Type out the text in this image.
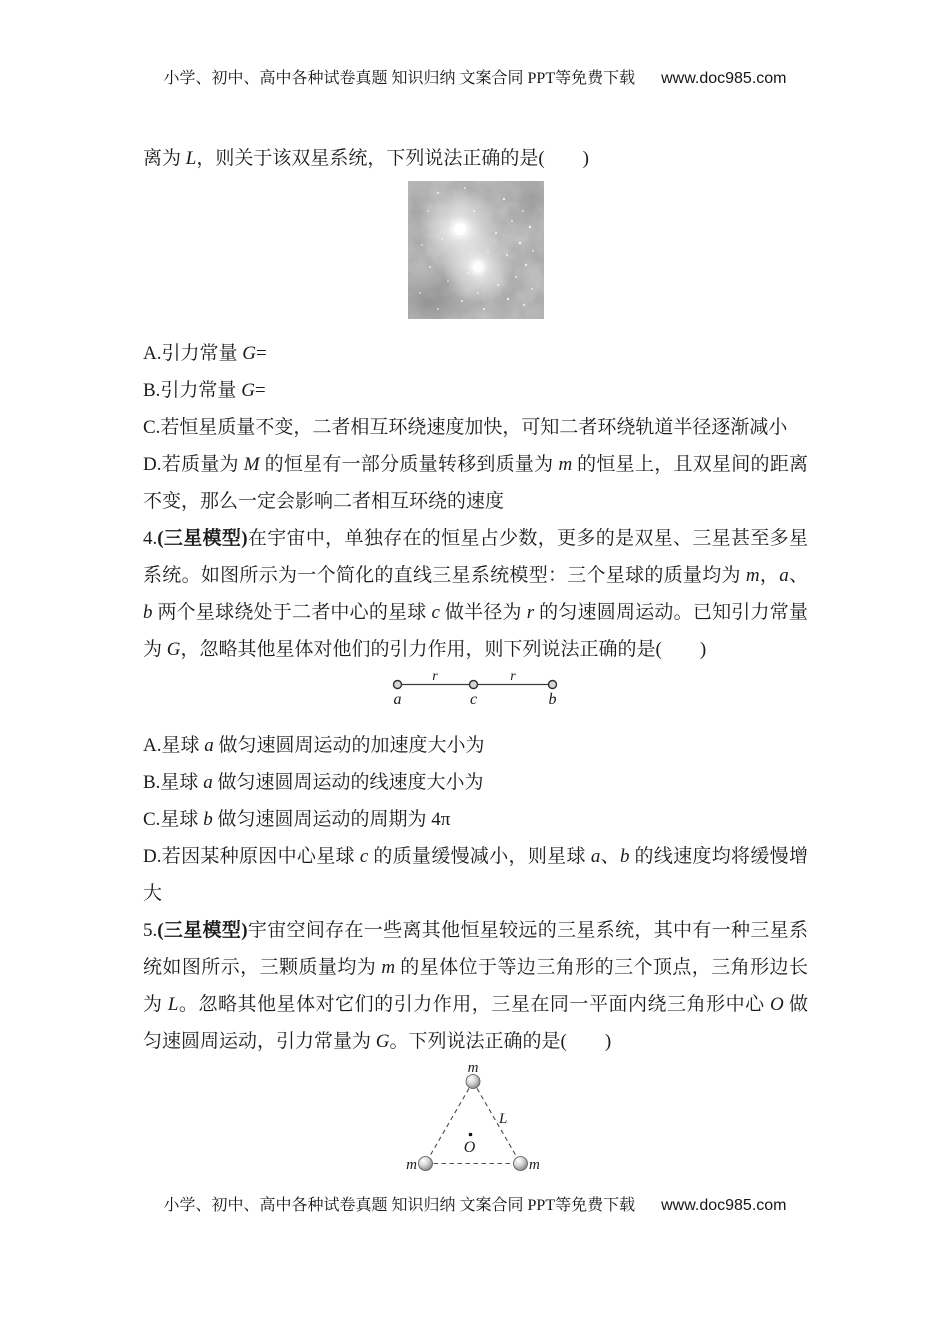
小学、初中、高中各种试卷真题 知识归纳 文案合同 PPT等免费下载 www.doc985.com
离为 L，则关于该双星系统，下列说法正确的是(　　)
A.引力常量 G=
B.引力常量 G=
C.若恒星质量不变，二者相互环绕速度加快，可知二者环绕轨道半径逐渐减小
D.若质量为 M 的恒星有一部分质量转移到质量为 m 的恒星上，且双星间的距离
不变，那么一定会影响二者相互环绕的速度
4.(三星模型)在宇宙中，单独存在的恒星占少数，更多的是双星、三星甚至多星
系统。如图所示为一个简化的直线三星系统模型：三个星球的质量均为 m，a、
b 两个星球绕处于二者中心的星球 c 做半径为 r 的匀速圆周运动。已知引力常量
为 G，忽略其他星体对他们的引力作用，则下列说法正确的是(　　)
r	r
a	c	b
A.星球 a 做匀速圆周运动的加速度大小为
B.星球 a 做匀速圆周运动的线速度大小为
C.星球 b 做匀速圆周运动的周期为 4π
D.若因某种原因中心星球 c 的质量缓慢减小，则星球 a、b 的线速度均将缓慢增
大
5.(三星模型)宇宙空间存在一些离其他恒星较远的三星系统，其中有一种三星系
统如图所示，三颗质量均为 m 的星体位于等边三角形的三个顶点，三角形边长
为 L。忽略其他星体对它们的引力作用，三星在同一平面内绕三角形中心 O 做
匀速圆周运动，引力常量为 G。下列说法正确的是(　　)
m
m	m
L
O
小学、初中、高中各种试卷真题 知识归纳 文案合同 PPT等免费下载 www.doc985.com
